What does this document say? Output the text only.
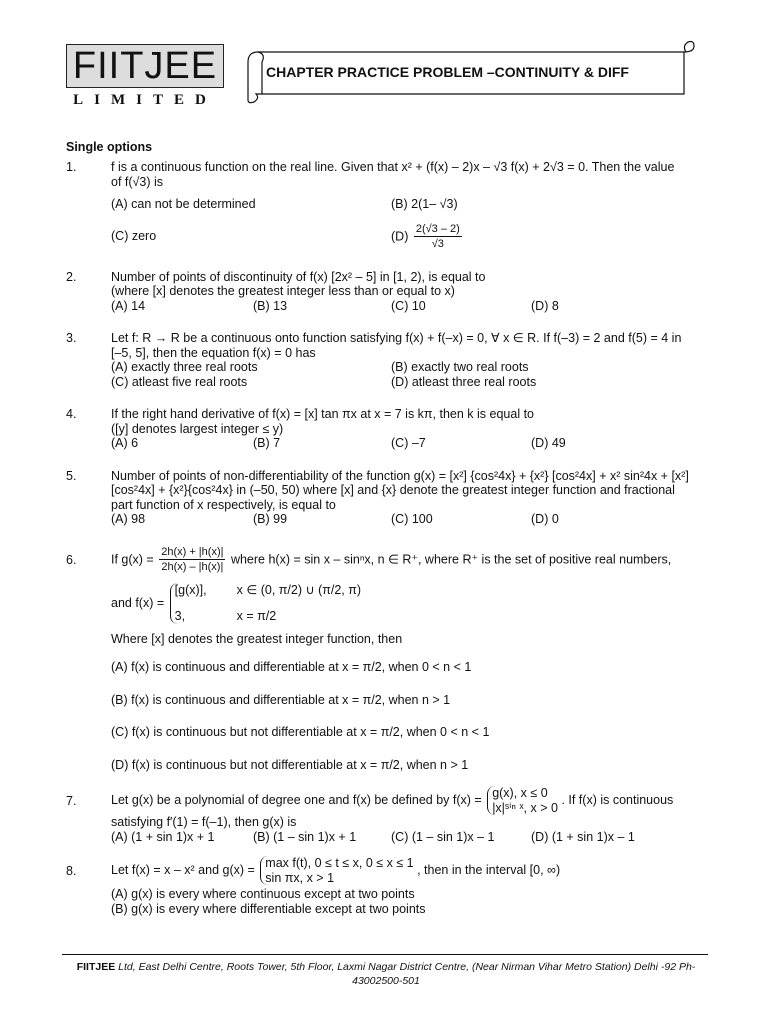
FIITJEE
LIMITED
CHAPTER PRACTICE PROBLEM –CONTINUITY & DIFF
Single options
1.	f is a continuous function on the real line. Given that x² + (f(x) – 2)x – √3 f(x) + 2√3 = 0. Then the value
of f(√3) is
(A) can not be determined	(B) 2(1– √3)
(C) zero	$(D) \frac{2(√3 - 2)}{√3}$
2.	Number of points of discontinuity of f(x) [2x² – 5] in [1, 2), is equal to
(where [x] denotes the greatest integer less than or equal to x)
(A) 14	(B) 13	(C) 10	(D) 8
3.	Let f: R → R be a continuous onto function satisfying f(x) + f(–x) = 0, ∀ x ∈ R. If f(–3) = 2 and f(5) = 4 in
[–5, 5], then the equation f(x) = 0 has
(A) exactly three real roots	(B) exactly two real roots
(C) atleast five real roots	(D) atleast three real roots
4.	If the right hand derivative of f(x) = [x] tan πx at x = 7 is kπ, then k is equal to
([y] denotes largest integer ≤ y)
(A) 6	(B) 7	(C) –7	(D) 49
5.	Number of points of non-differentiability of the function g(x) = [x²] {cos²4x} + {x²} [cos²4x] + x² sin²4x + [x²]
[cos²4x] + {x²}{cos²4x} in (–50, 50) where [x] and {x} denote the greatest integer function and fractional
part function of x respectively, is equal to
(A) 98	(B) 99	(C) 100	(D) 0
6.	If $g(x) = \frac{2h(x) + |h(x)|}{2h(x) - |h(x)|}$ where h(x) = sin x – sinⁿx, n ∈ R⁺, where R⁺ is the set of positive real numbers,
and f(x) =
[g(x)],	x ∈ (0, π/2) ∪ (π/2, π)
3,	x = π/2
Where [x] denotes the greatest integer function, then
(A) f(x) is continuous and differentiable at x = π/2, when 0 < n < 1
(B) f(x) is continuous and differentiable at x = π/2, when n > 1
(C) f(x) is continuous but not differentiable at x = π/2, when 0 < n < 1
(D) f(x) is continuous but not differentiable at x = π/2, when n > 1
7.	Let g(x) be a polynomial of degree one and f(x) be defined by f(x) = g(x), x ≤ 0
|x|ˢⁱⁿ ˣ, x > 0
. If f(x) is continuous
satisfying f′(1) = f(–1), then g(x) is
(A) (1 + sin 1)x + 1	(B) (1 – sin 1)x + 1	(C) (1 – sin 1)x – 1	(D) (1 + sin 1)x – 1
8.	Let f(x) = x – x² and g(x) = max f(t), 0 ≤ t ≤ x, 0 ≤ x ≤ 1
sin πx, x > 1
, then in the interval [0, ∞)
(A) g(x) is every where continuous except at two points
(B) g(x) is every where differentiable except at two points
FIITJEE Ltd, East Delhi Centre, Roots Tower, 5th Floor, Laxmi Nagar District Centre, (Near Nirman Vihar Metro Station) Delhi -92 Ph- 43002500-501
